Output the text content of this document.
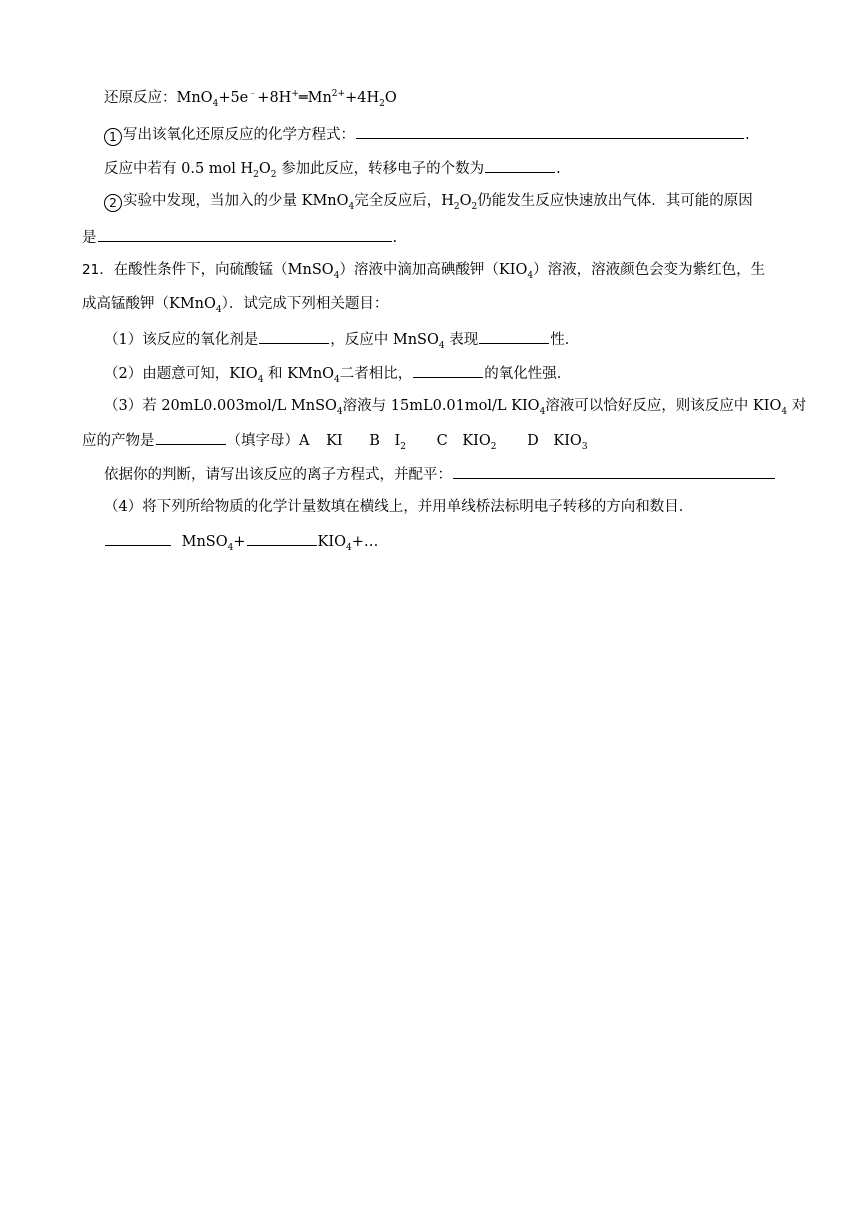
还原反应：$MnO_4+5e^﹣+8H^+═Mn^{2+}+4H_2O$
1 写出该氧化还原反应的化学方程式：	.
反应中若有 0.5 mol $H_2O_2$ 参加此反应，转移电子的个数为	.
2 实验中发现，当加入的少量 KMnO$_4$完全反应后，$H_2O_2$仍能发生反应快速放出气体．其可能的原因
是	.
21．在酸性条件下，向硫酸锰（MnSO$_4$）溶液中滴加高碘酸钾$(KIO_4)$溶液，溶液颜色会变为紫红色，生
成高锰酸钾（KMnO$_4$）．试完成下列相关题目：
（1）该反应的氧化剂是	，反应中 MnSO$_4$ 表现	性．
（2）由题意可知，$KIO_4$ 和 KMnO$_4$二者相比，	的氧化性强．
（3）若 20mL0.003mol/L MnSO$_4$溶液与 15mL0.01mol/L $KIO_4$溶液可以恰好反应，则该反应中 $KIO_4$ 对
应的产物是	（填字母）A KI B $I_2$ C $KIO_2$ D $KIO_3$
依据你的判断，请写出该反应的离子方程式，并配平：
（4）将下列所给物质的化学计量数填在横线上，并用单线桥法标明电子转移的方向和数目．
MnSO$_4$+	$KIO_4+\dots$
